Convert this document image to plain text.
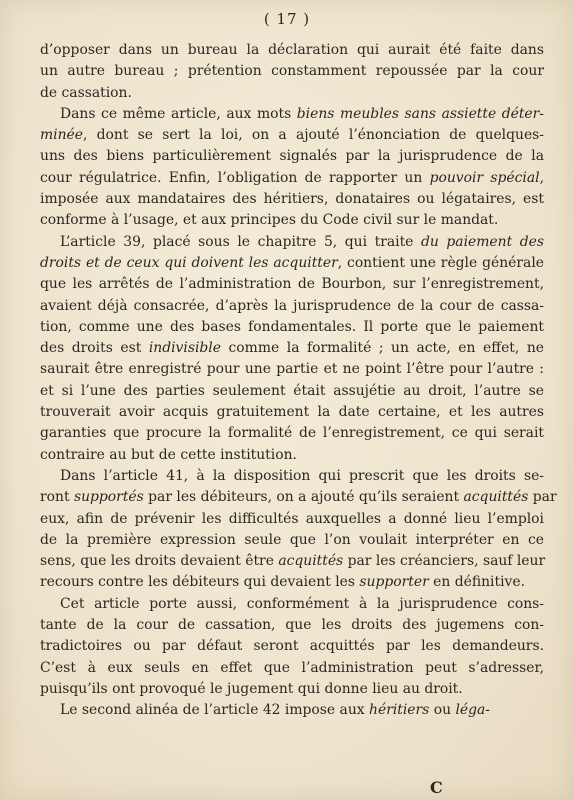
( 17 )
d’opposer dans un bureau la déclaration qui aurait été faite dans
un autre bureau ; prétention constamment repoussée par la cour
de cassation.
Dans ce même article, aux mots biens meubles sans assiette déter-
minée, dont se sert la loi, on a ajouté l’énonciation de quelques-
uns des biens particulièrement signalés par la jurisprudence de la
cour régulatrice. Enfin, l’obligation de rapporter un pouvoir spécial,
imposée aux mandataires des héritiers, donataires ou légataires, est
conforme à l’usage, et aux principes du Code civil sur le mandat.
L’article 39, placé sous le chapitre 5, qui traite du paiement des
droits et de ceux qui doivent les acquitter, contient une règle générale
que les arrêtés de l’administration de Bourbon, sur l’enregistrement,
avaient déjà consacrée, d’après la jurisprudence de la cour de cassa-
tion, comme une des bases fondamentales. Il porte que le paiement
des droits est indivisible comme la formalité ; un acte, en effet, ne
saurait être enregistré pour une partie et ne point l’être pour l’autre :
et si l’une des parties seulement était assujétie au droit, l’autre se
trouverait avoir acquis gratuitement la date certaine, et les autres
garanties que procure la formalité de l’enregistrement, ce qui serait
contraire au but de cette institution.
Dans l’article 41, à la disposition qui prescrit que les droits se-
ront supportés par les débiteurs, on a ajouté qu’ils seraient acquittés par
eux, afin de prévenir les difficultés auxquelles a donné lieu l’emploi
de la première expression seule que l’on voulait interpréter en ce
sens, que les droits devaient être acquittés par les créanciers, sauf leur
recours contre les débiteurs qui devaient les supporter en définitive.
Cet article porte aussi, conformément à la jurisprudence cons-
tante de la cour de cassation, que les droits des jugemens con-
tradictoires ou par défaut seront acquittés par les demandeurs.
C’est à eux seuls en effet que l’administration peut s’adresser,
puisqu’ils ont provoqué le jugement qui donne lieu au droit.
Le second alinéa de l’article 42 impose aux héritiers ou léga-
C
